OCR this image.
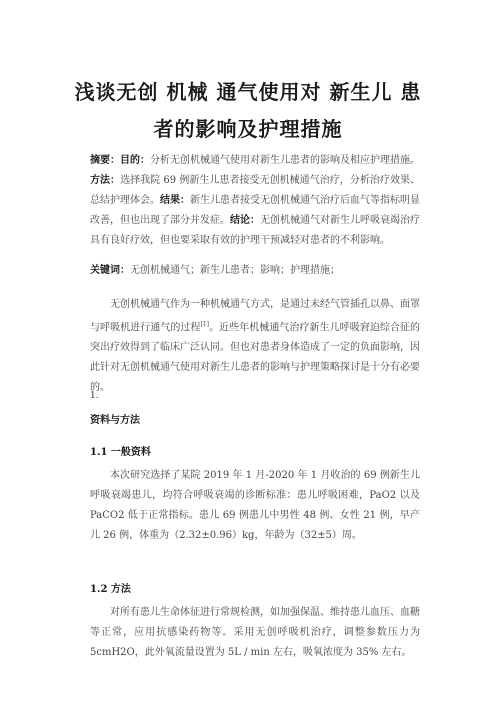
浅谈无创 机械 通气使用对 新生儿 患
者的影响及护理措施
摘要：目的：分析无创机械通气使用对新生儿患者的影响及相应护理措施。方法：选择我院 69 例新生儿患者接受无创机械通气治疗，分析治疗效果、总结护理体会。结果：新生儿患者接受无创机械通气治疗后血气等指标明显改善，但也出现了部分并发症。结论：无创机械通气对新生儿呼吸衰竭治疗具有良好疗效，但也要采取有效的护理干预减轻对患者的不利影响。
关键词：无创机械通气；新生儿患者；影响；护理措施；
无创机械通气作为一种机械通气方式，是通过未经气管插孔以鼻、面罩与呼吸机进行通气的过程[1]。近些年机械通气治疗新生儿呼吸窘迫综合征的突出疗效得到了临床广泛认同。但也对患者身体造成了一定的负面影响，因此针对无创机械通气使用对新生儿患者的影响与护理策略探讨是十分有必要的。
1.
资料与方法
1.1 一般资料
本次研究选择了某院 2019 年 1 月-2020 年 1 月收治的 69 例新生儿呼吸衰竭患儿，均符合呼吸衰竭的诊断标准：患儿呼吸困难，PaO2 以及 PaCO2 低于正常指标。患儿 69 例患儿中男性 48 例、女性 21 例，早产儿 26 例，体重为（2.32±0.96）kg，年龄为（32±5）周。
1.2 方法
对所有患儿生命体征进行常规检测，如加强保温、维持患儿血压、血糖等正常，应用抗感染药物等。采用无创呼吸机治疗，调整参数压力为 5cmH2O，此外氧流量设置为 5L / min 左右，吸氧浓度为 35% 左右。
